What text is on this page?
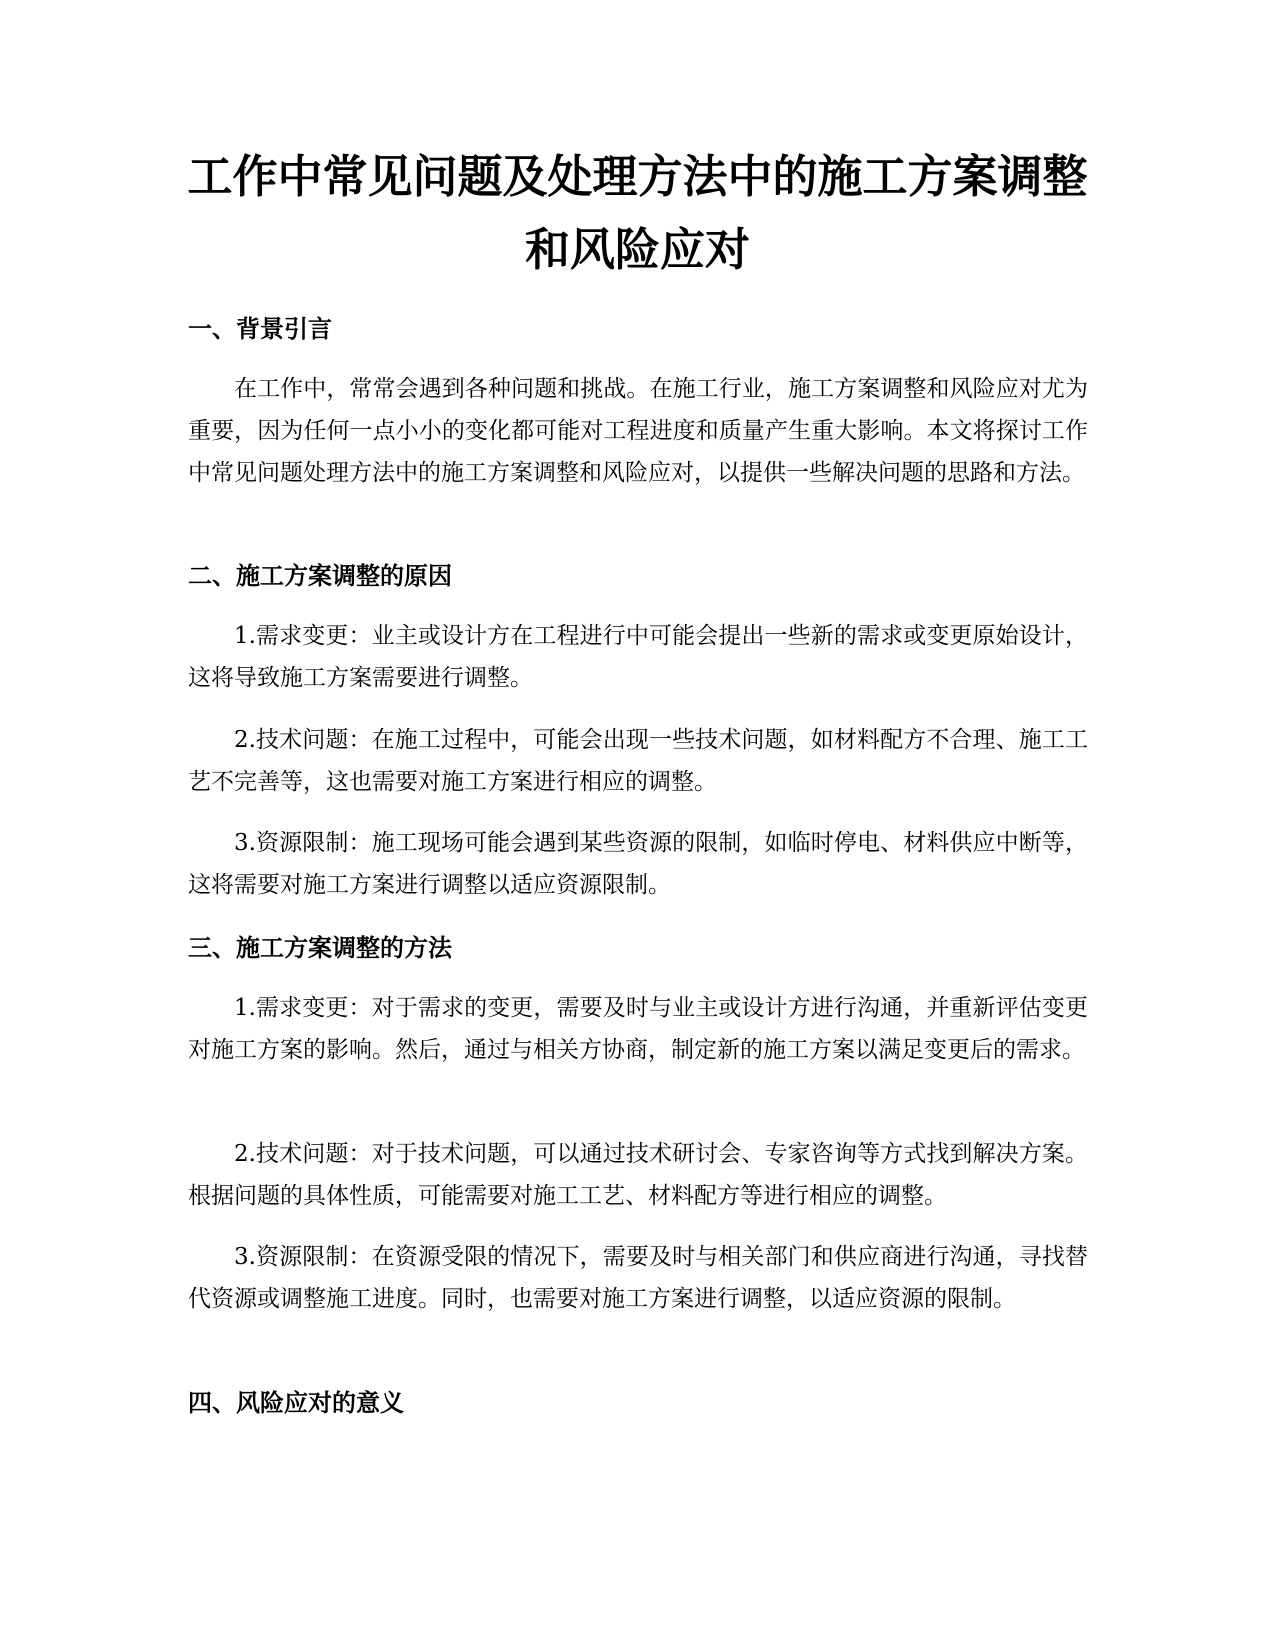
工作中常见问题及处理方法中的施工方案调整和风险应对
一、背景引言

在工作中，常常会遇到各种问题和挑战。在施工行业，施工方案调整和风险应对尤为重要，因为任何一点小小的变化都可能对工程进度和质量产生重大影响。本文将探讨工作中常见问题处理方法中的施工方案调整和风险应对，以提供一些解决问题的思路和方法。

二、施工方案调整的原因

1.需求变更：业主或设计方在工程进行中可能会提出一些新的需求或变更原始设计，这将导致施工方案需要进行调整。

2.技术问题：在施工过程中，可能会出现一些技术问题，如材料配方不合理、施工工艺不完善等，这也需要对施工方案进行相应的调整。

3.资源限制：施工现场可能会遇到某些资源的限制，如临时停电、材料供应中断等，这将需要对施工方案进行调整以适应资源限制。

三、施工方案调整的方法

1.需求变更：对于需求的变更，需要及时与业主或设计方进行沟通，并重新评估变更对施工方案的影响。然后，通过与相关方协商，制定新的施工方案以满足变更后的需求。

2.技术问题：对于技术问题，可以通过技术研讨会、专家咨询等方式找到解决方案。根据问题的具体性质，可能需要对施工工艺、材料配方等进行相应的调整。

3.资源限制：在资源受限的情况下，需要及时与相关部门和供应商进行沟通，寻找替代资源或调整施工进度。同时，也需要对施工方案进行调整，以适应资源的限制。

四、风险应对的意义
